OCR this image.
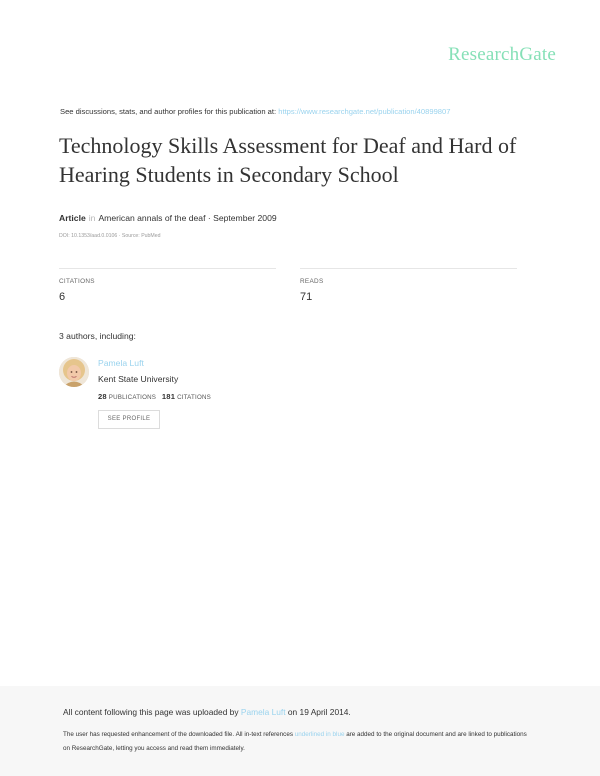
ResearchGate
See discussions, stats, and author profiles for this publication at: https://www.researchgate.net/publication/40899807
Technology Skills Assessment for Deaf and Hard of Hearing Students in Secondary School
Article in American annals of the deaf · September 2009
DOI: 10.1353/aad.0.0106 · Source: PubMed
CITATIONS
6
READS
71
3 authors, including:
Pamela Luft
Kent State University
28 PUBLICATIONS 181 CITATIONS
SEE PROFILE
All content following this page was uploaded by Pamela Luft on 19 April 2014.
The user has requested enhancement of the downloaded file. All in-text references underlined in blue are added to the original document and are linked to publications on ResearchGate, letting you access and read them immediately.
